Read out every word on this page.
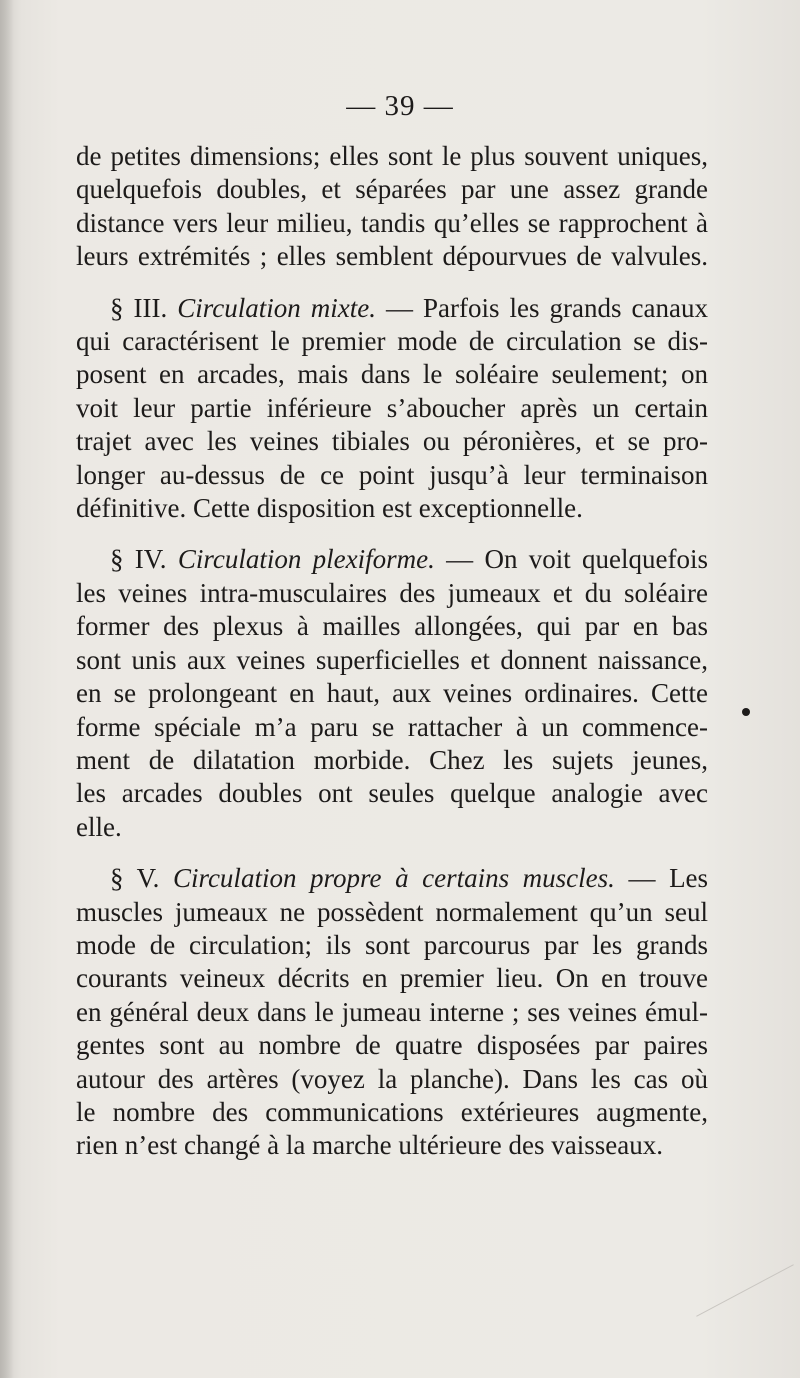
— 39 —

de petites dimensions; elles sont le plus souvent uniques,
quelquefois doubles, et séparées par une assez grande
distance vers leur milieu, tandis qu’elles se rapprochent à
leurs extrémités ; elles semblent dépourvues de valvules.

§ III. Circulation mixte. — Parfois les grands canaux
qui caractérisent le premier mode de circulation se dis-
posent en arcades, mais dans le soléaire seulement; on
voit leur partie inférieure s’aboucher après un certain
trajet avec les veines tibiales ou péronières, et se pro-
longer au-dessus de ce point jusqu’à leur terminaison
définitive. Cette disposition est exceptionnelle.

§ IV. Circulation plexiforme. — On voit quelquefois
les veines intra-musculaires des jumeaux et du soléaire
former des plexus à mailles allongées, qui par en bas
sont unis aux veines superficielles et donnent naissance,
en se prolongeant en haut, aux veines ordinaires. Cette
forme spéciale m’a paru se rattacher à un commence-
ment de dilatation morbide. Chez les sujets jeunes,
les arcades doubles ont seules quelque analogie avec
elle.

§ V. Circulation propre à certains muscles. — Les
muscles jumeaux ne possèdent normalement qu’un seul
mode de circulation; ils sont parcourus par les grands
courants veineux décrits en premier lieu. On en trouve
en général deux dans le jumeau interne ; ses veines émul-
gentes sont au nombre de quatre disposées par paires
autour des artères (voyez la planche). Dans les cas où
le nombre des communications extérieures augmente,
rien n’est changé à la marche ultérieure des vaisseaux.
